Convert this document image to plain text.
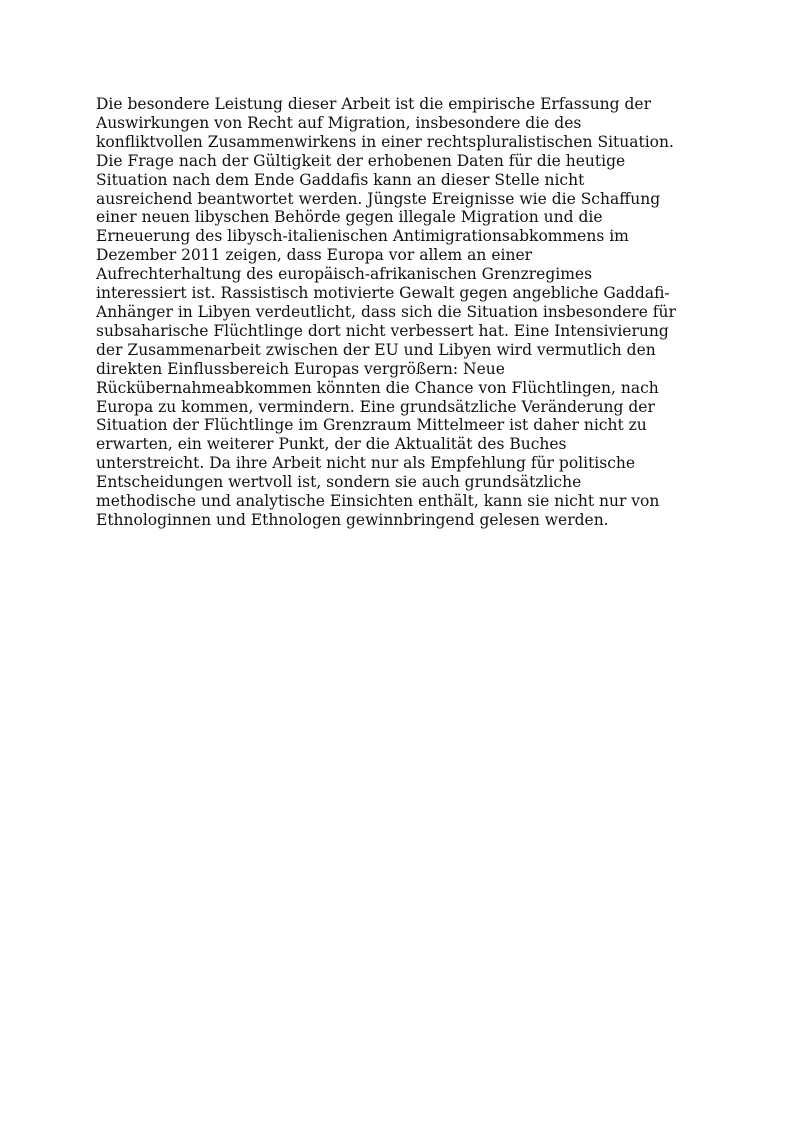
Die besondere Leistung dieser Arbeit ist die empirische Erfassung der
Auswirkungen von Recht auf Migration, insbesondere die des
konfliktvollen Zusammenwirkens in einer rechtspluralistischen Situation.
Die Frage nach der Gültigkeit der erhobenen Daten für die heutige
Situation nach dem Ende Gaddafis kann an dieser Stelle nicht
ausreichend beantwortet werden. Jüngste Ereignisse wie die Schaffung
einer neuen libyschen Behörde gegen illegale Migration und die
Erneuerung des libysch-italienischen Antimigrationsabkommens im
Dezember 2011 zeigen, dass Europa vor allem an einer
Aufrechterhaltung des europäisch-afrikanischen Grenzregimes
interessiert ist. Rassistisch motivierte Gewalt gegen angebliche Gaddafi-
Anhänger in Libyen verdeutlicht, dass sich die Situation insbesondere für
subsaharische Flüchtlinge dort nicht verbessert hat. Eine Intensivierung
der Zusammenarbeit zwischen der EU und Libyen wird vermutlich den
direkten Einflussbereich Europas vergrößern: Neue
Rückübernahmeabkommen könnten die Chance von Flüchtlingen, nach
Europa zu kommen, vermindern. Eine grundsätzliche Veränderung der
Situation der Flüchtlinge im Grenzraum Mittelmeer ist daher nicht zu
erwarten, ein weiterer Punkt, der die Aktualität des Buches
unterstreicht. Da ihre Arbeit nicht nur als Empfehlung für politische
Entscheidungen wertvoll ist, sondern sie auch grundsätzliche
methodische und analytische Einsichten enthält, kann sie nicht nur von
Ethnologinnen und Ethnologen gewinnbringend gelesen werden.
